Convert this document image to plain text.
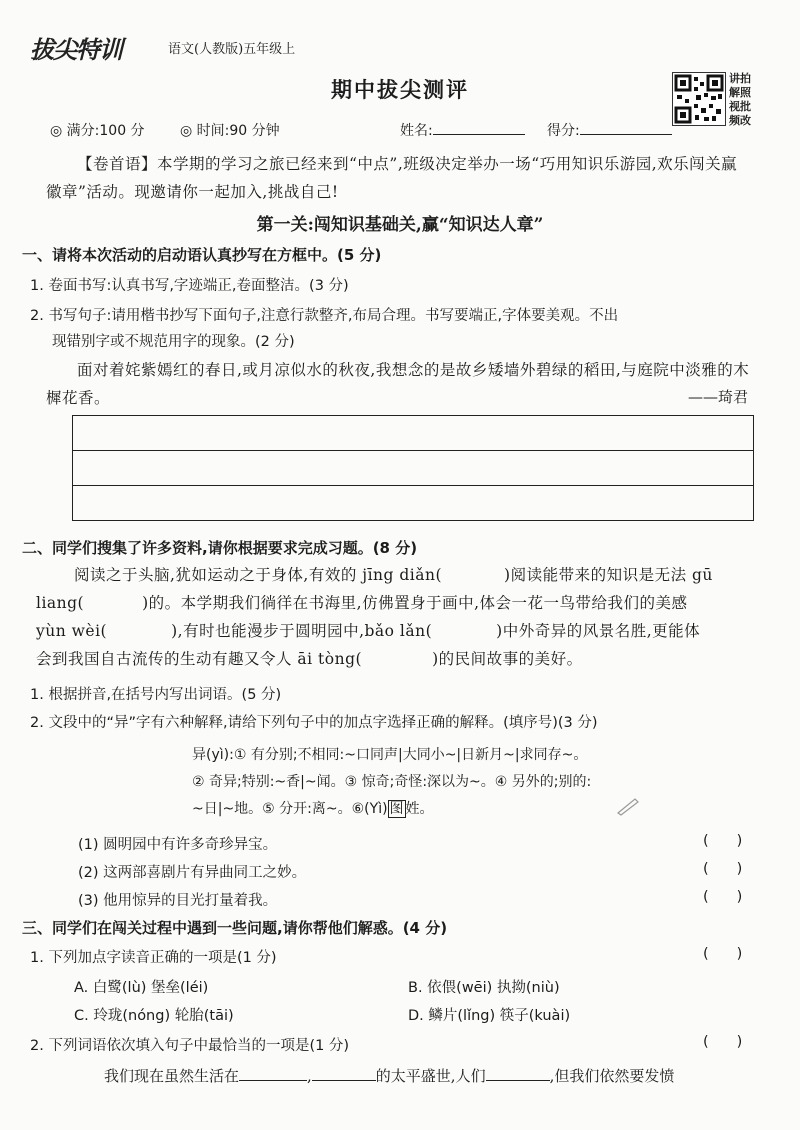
拔尖特训	语文(人教版)五年级上
期中拔尖测评	讲拍解照视批频改
◎ 满分:100 分	◎ 时间:90 分钟	姓名:	得分:
【卷首语】本学期的学习之旅已经来到“中点”,班级决定举办一场“巧用知识乐游园,欢乐闯关赢徽章”活动。现邀请你一起加入,挑战自己!
第一关:闯知识基础关,赢“知识达人章”
一、请将本次活动的启动语认真抄写在方框中。(5 分)
1. 卷面书写:认真书写,字迹端正,卷面整洁。(3 分)
2. 书写句子:请用楷书抄写下面句子,注意行款整齐,布局合理。书写要端正,字体要美观。不出
现错别字或不规范用字的现象。(2 分)
面对着姹紫嫣红的春日,或月凉似水的秋夜,我想念的是故乡矮墙外碧绿的稻田,与庭院中淡雅的木樨花香。	——琦君
二、同学们搜集了许多资料,请你根据要求完成习题。(8 分)
阅读之于头脑,犹如运动之于身体,有效的 jīng diǎn(	)阅读能带来的知识是无法 gū
liang(	)的。本学期我们徜徉在书海里,仿佛置身于画中,体会一花一鸟带给我们的美感
yùn wèi(	),有时也能漫步于圆明园中,bǎo lǎn(	)中外奇异的风景名胜,更能体
会到我国自古流传的生动有趣又令人 āi tòng(	)的民间故事的美好。
1. 根据拼音,在括号内写出词语。(5 分)
2. 文段中的“异”字有六种解释,请给下列句子中的加点字选择正确的解释。(填序号)(3 分)
异(yì):① 有分别;不相同:~口同声|大同小~|日新月~|求同存~。
② 奇异;特别:~香|~闻。③ 惊奇;奇怪:深以为~。④ 另外的;别的:
~日|~地。⑤ 分开:离~。⑥(Yì) 图 姓。
(1) 圆明园中有许多奇珍异宝。	()
(2) 这两部喜剧片有异曲同工之妙。	()
(3) 他用惊异的目光打量着我。	()
三、同学们在闯关过程中遇到一些问题,请你帮他们解惑。(4 分)
1. 下列加点字读音正确的一项是(1 分)	()
A. 白鹭(lù) 堡垒(léi)	B. 依偎(wēi) 执拗(niù)
C. 玲珑(nóng) 轮胎(tāi)	D. 鳞片(lǐng) 筷子(kuài)
2. 下列词语依次填入句子中最恰当的一项是(1 分)	()
我们现在虽然生活在	,	的太平盛世,人们	,但我们依然要发愤
